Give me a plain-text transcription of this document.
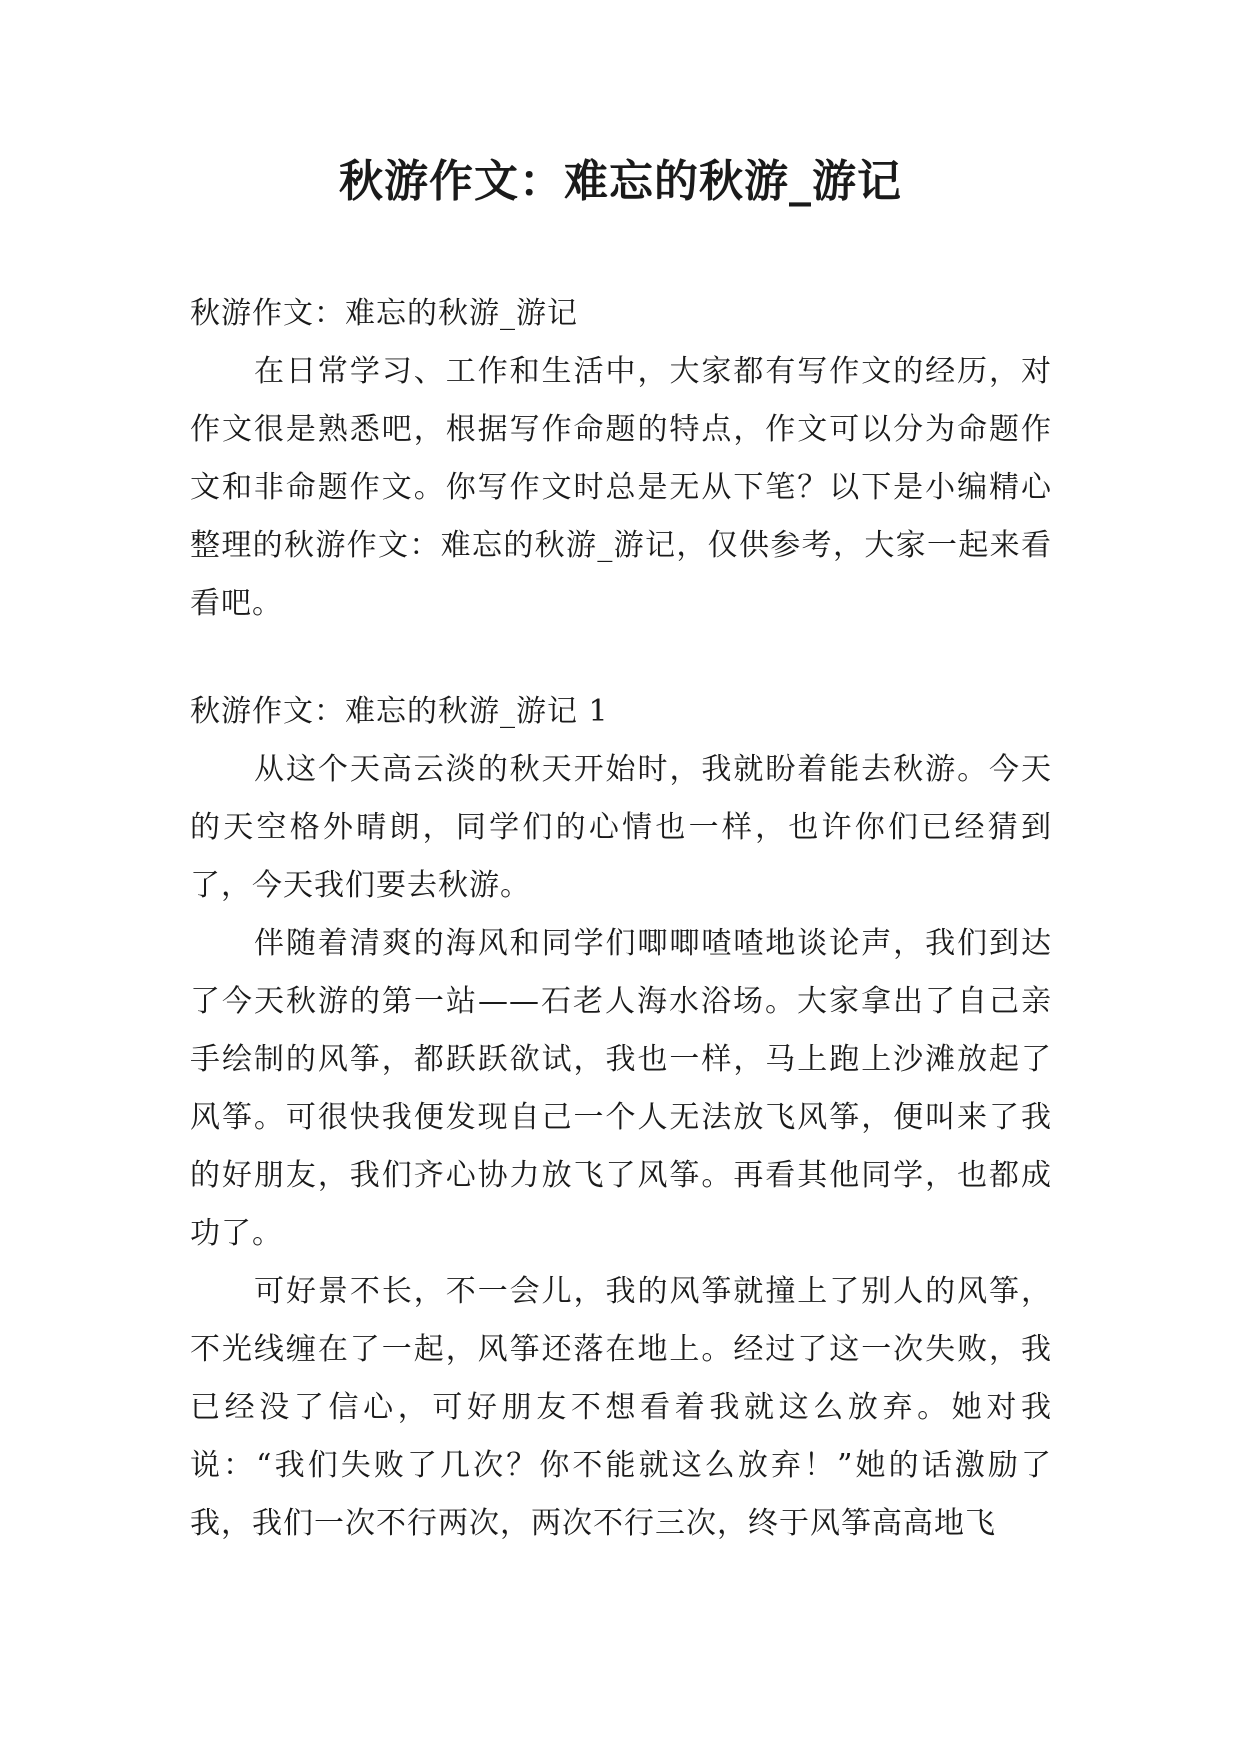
秋游作文：难忘的秋游_游记

秋游作文：难忘的秋游_游记

在日常学习、工作和生活中，大家都有写作文的经历，对作文很是熟悉吧，根据写作命题的特点，作文可以分为命题作文和非命题作文。你写作文时总是无从下笔？以下是小编精心整理的秋游作文：难忘的秋游_游记，仅供参考，大家一起来看看吧。

秋游作文：难忘的秋游_游记 1

从这个天高云淡的秋天开始时，我就盼着能去秋游。今天的天空格外晴朗，同学们的心情也一样，也许你们已经猜到了，今天我们要去秋游。

伴随着清爽的海风和同学们唧唧喳喳地谈论声，我们到达了今天秋游的第一站——石老人海水浴场。大家拿出了自己亲手绘制的风筝，都跃跃欲试，我也一样，马上跑上沙滩放起了风筝。可很快我便发现自己一个人无法放飞风筝，便叫来了我的好朋友，我们齐心协力放飞了风筝。再看其他同学，也都成功了。

可好景不长，不一会儿，我的风筝就撞上了别人的风筝，不光线缠在了一起，风筝还落在地上。经过了这一次失败，我已经没了信心，可好朋友不想看着我就这么放弃。她对我说：“我们失败了几次？你不能就这么放弃！”她的话激励了我，我们一次不行两次，两次不行三次，终于风筝高高地飞
